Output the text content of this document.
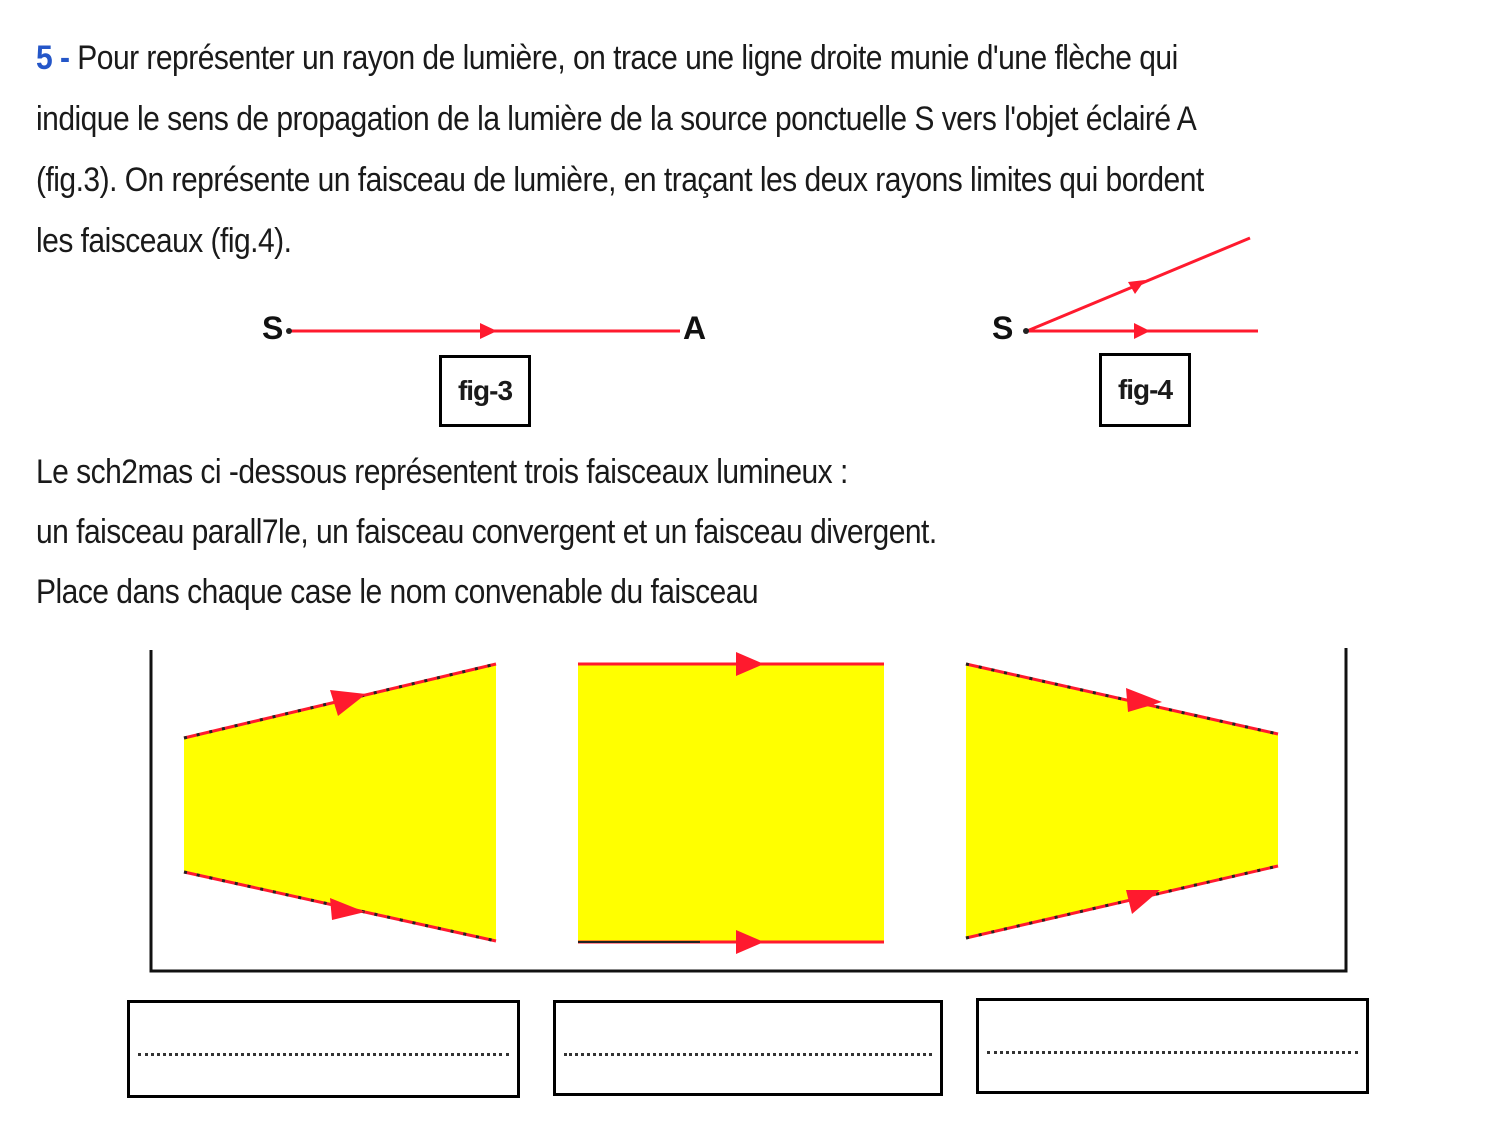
5 - Pour représenter un rayon de lumière, on trace une ligne droite munie d'une flèche qui
indique le sens de propagation de la lumière de la source ponctuelle S vers l'objet éclairé A
(fig.3). On représente un faisceau de lumière, en traçant les deux rayons limites qui bordent
les faisceaux (fig.4).
S	A
fig-3
S
fig-4
Le sch2mas ci -dessous représentent trois faisceaux lumineux :
un faisceau parall7le, un faisceau convergent et un faisceau divergent.
Place dans chaque case le nom convenable du faisceau
